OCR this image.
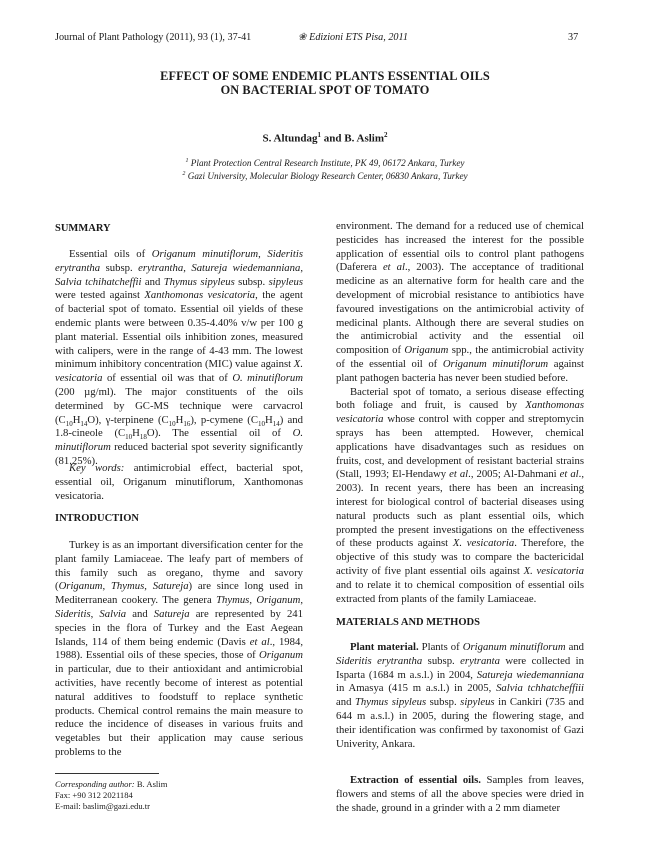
Journal of Plant Pathology (2011), 93 (1), 37-41	❀ Edizioni ETS Pisa, 2011	37
EFFECT OF SOME ENDEMIC PLANTS ESSENTIAL OILS
ON BACTERIAL SPOT OF TOMATO
S. Altundag$^1$ and B. Aslim$^2$
$^1$ Plant Protection Central Research Institute, PK 49, 06172 Ankara, Turkey
$^2$ Gazi University, Molecular Biology Research Center, 06830 Ankara, Turkey
SUMMARY

Essential oils of Origanum minutiflorum, Sideritis erytrantha subsp. erytrantha, Satureja wiedemanniana, Salvia tchihatcheffii and Thymus sipyleus subsp. sipyleus were tested against Xanthomonas vesicatoria, the agent of bacterial spot of tomato. Essential oil yields of these endemic plants were between 0.35-4.40% v/w per 100 g plant material. Essential oils inhibition zones, measured with calipers, were in the range of 4-43 mm. The lowest minimum inhibitory concentration (MIC) value against X. vesicatoria of essential oil was that of O. minutiflorum (200 µg/ml). The major constituents of the oils determined by GC-MS technique were carvacrol $(C_{10}H_{14}O)$, γ-terpinene $(C_{10}H_{16})$, p-cymene $(C_{10}H_{14})$ and 1.8-cineole $(C_{10}H_{18}O)$. The essential oil of O. minutiflorum reduced bacterial spot severity significantly (81.25%).

Key words: antimicrobial effect, bacterial spot, essential oil, Origanum minutiflorum, Xanthomonas vesicatoria.

INTRODUCTION

Turkey is as an important diversification center for the plant family Lamiaceae. The leafy part of members of this family such as oregano, thyme and savory (Origanum, Thymus, Satureja) are since long used in Mediterranean cookery. The genera Thymus, Origanum, Sideritis, Salvia and Satureja are represented by 241 species in the flora of Turkey and the East Aegean Islands, 114 of them being endemic (Davis et al., 1984, 1988). Essential oils of these species, those of Origanum in particular, due to their antioxidant and antimicrobial activities, have recently become of interest as potential natural additives to foodstuff to replace synthetic products. Chemical control remains the main measure to reduce the incidence of diseases in various fruits and vegetables but their application may cause serious problems to the

Corresponding author: B. Aslim
Fax: +90 312 2021184
E-mail: baslim@gazi.edu.tr

environment. The demand for a reduced use of chemical pesticides has increased the interest for the possible application of essential oils to control plant pathogens (Daferera et al., 2003). The acceptance of traditional medicine as an alternative form for health care and the development of microbial resistance to antibiotics have favoured investigations on the antimicrobial activity of medicinal plants. Although there are several studies on the antimicrobial activity and the essential oil composition of Origanum spp., the antimicrobial activity of the essential oil of Origanum minutiflorum against plant pathogen bacteria has never been studied before.

Bacterial spot of tomato, a serious disease effecting both foliage and fruit, is caused by Xanthomonas vesicatoria whose control with copper and streptomycin sprays has been attempted. However, chemical applications have disadvantages such as residues on fruits, cost, and development of resistant bacterial strains (Stall, 1993; El-Hendawy et al., 2005; Al-Dahmani et al., 2003). In recent years, there has been an increasing interest for biological control of bacterial diseases using natural products such as plant essential oils, which prompted the present investigations on the effectiveness of these products against X. vesicatoria. Therefore, the objective of this study was to compare the bactericidal activity of five plant essential oils against X. vesicatoria and to relate it to chemical composition of essential oils extracted from plants of the family Lamiaceae.

MATERIALS AND METHODS

Plant material. Plants of Origanum minutiflorum and Sideritis erytrantha subsp. erytranta were collected in Isparta (1684 m a.s.l.) in 2004, Satureja wiedemanniana in Amasya (415 m a.s.l.) in 2005, Salvia tchhatcheffiii and Thymus sipyleus subsp. sipyleus in Cankiri (735 and 644 m a.s.l.) in 2005, during the flowering stage, and their identification was confirmed by taxonomist of Gazi Univerity, Ankara.

Extraction of essential oils. Samples from leaves, flowers and stems of all the above species were dried in the shade, ground in a grinder with a 2 mm diameter
